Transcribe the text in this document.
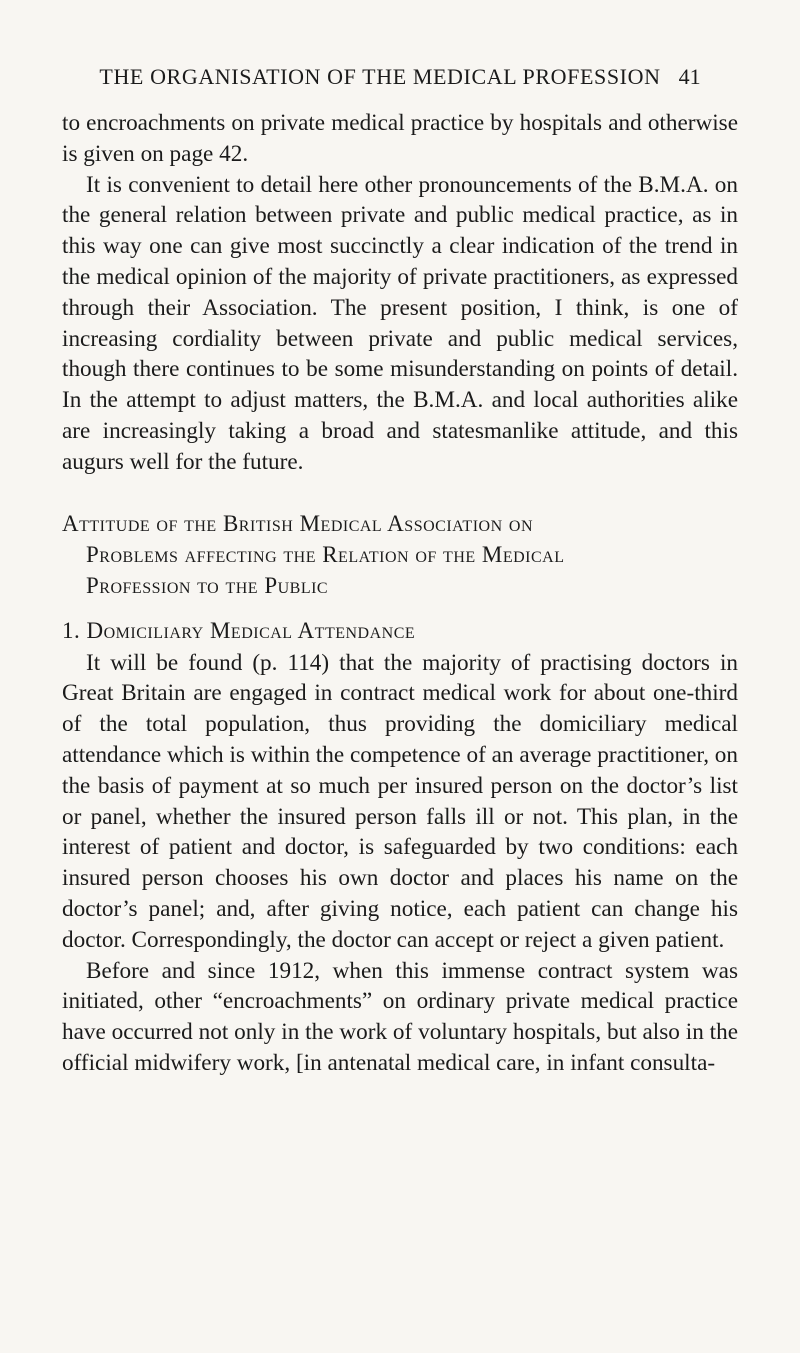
THE ORGANISATION OF THE MEDICAL PROFESSION 41

to encroachments on private medical practice by hospitals and otherwise is given on page 42.

It is convenient to detail here other pronouncements of the B.M.A. on the general relation between private and public medical practice, as in this way one can give most succinctly a clear indication of the trend in the medical opinion of the majority of private practitioners, as expressed through their Association. The present position, I think, is one of increasing cordiality between private and public medical services, though there continues to be some misunderstanding on points of detail. In the attempt to adjust matters, the B.M.A. and local authorities alike are increasingly taking a broad and statesmanlike attitude, and this augurs well for the future.

Attitude of the British Medical Association on
Problems affecting the Relation of the Medical
Profession to the Public
1. Domiciliary Medical Attendance

It will be found (p. 114) that the majority of practising doctors in Great Britain are engaged in contract medical work for about one-third of the total population, thus providing the domiciliary medical attendance which is within the competence of an average practitioner, on the basis of payment at so much per insured person on the doctor’s list or panel, whether the insured person falls ill or not. This plan, in the interest of patient and doctor, is safeguarded by two conditions: each insured person chooses his own doctor and places his name on the doctor’s panel; and, after giving notice, each patient can change his doctor. Correspondingly, the doctor can accept or reject a given patient.

Before and since 1912, when this immense contract system was initiated, other “encroachments” on ordinary private medical practice have occurred not only in the work of voluntary hospitals, but also in the official midwifery work, [in antenatal medical care, in infant consulta-
